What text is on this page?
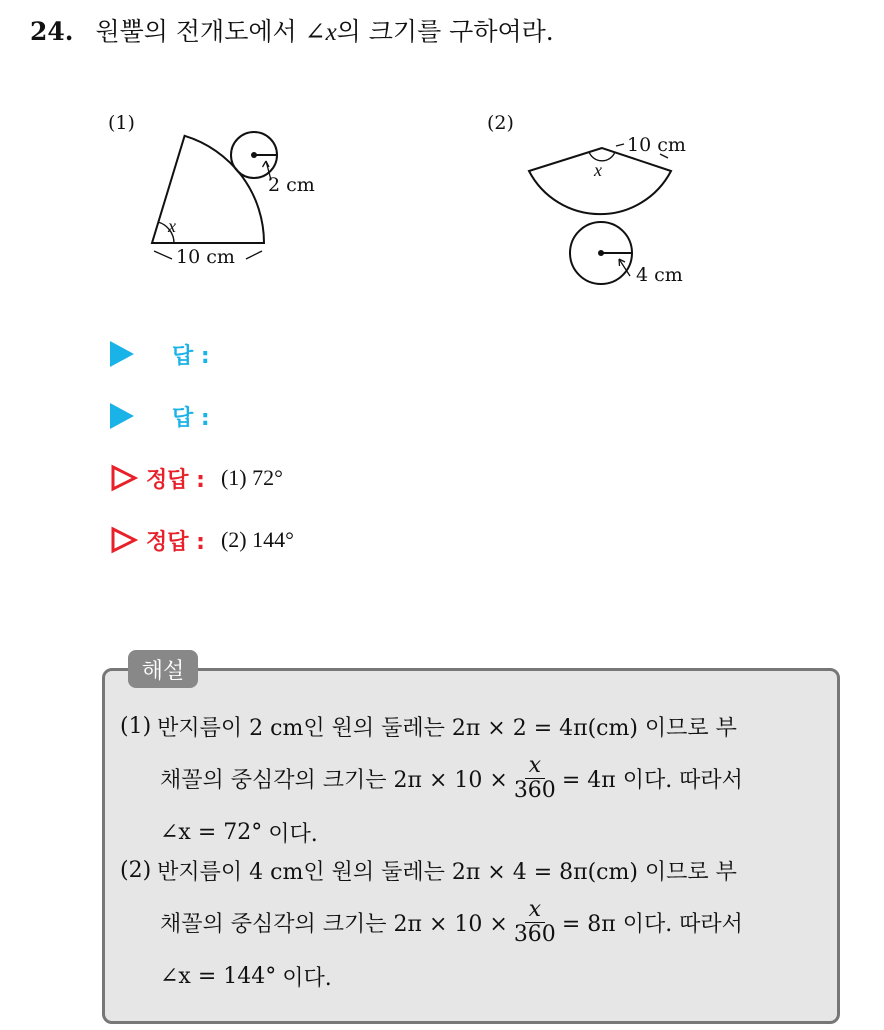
24. 원뿔의 전개도에서 ∠x의 크기를 구하여라.
(1)
x
2 cm
10 cm
(2)
x
10 cm
4 cm
답 :
답 :
정답 : (1) 72°
정답 : (2) 144°
해설
(1) 반지름이 2 cm인 원의 둘레는 2π × 2 = 4π(cm) 이므로 부
채꼴의 중심각의 크기는 $2\pi \times 10 \times \frac{x}{360} = 4\pi$ 이다. 따라서
∠x = 72° 이다.
(2) 반지름이 4 cm인 원의 둘레는 2π × 4 = 8π(cm) 이므로 부
채꼴의 중심각의 크기는 $2\pi \times 10 \times \frac{x}{360} = 8\pi$ 이다. 따라서
∠x = 144° 이다.
